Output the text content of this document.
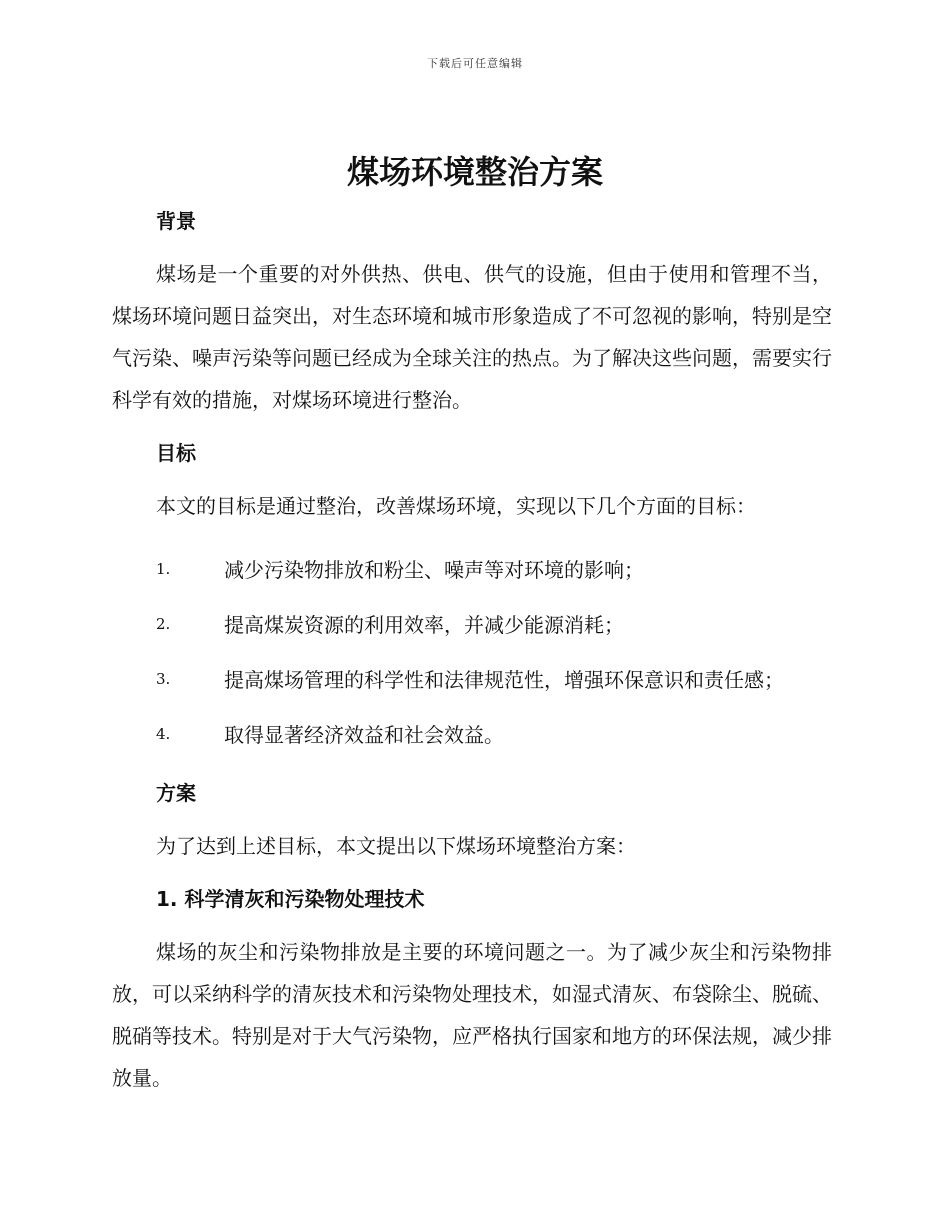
下载后可任意编辑
煤场环境整治方案
背景

煤场是一个重要的对外供热、供电、供气的设施，但由于使用和管理不当，煤场环境问题日益突出，对生态环境和城市形象造成了不可忽视的影响，特别是空气污染、噪声污染等问题已经成为全球关注的热点。为了解决这些问题，需要实行科学有效的措施，对煤场环境进行整治。

目标

本文的目标是通过整治，改善煤场环境，实现以下几个方面的目标：

1.	减少污染物排放和粉尘、噪声等对环境的影响；
2.	提高煤炭资源的利用效率，并减少能源消耗；
3.	提高煤场管理的科学性和法律规范性，增强环保意识和责任感；
4.	取得显著经济效益和社会效益。
方案

为了达到上述目标，本文提出以下煤场环境整治方案：

1. 科学清灰和污染物处理技术

煤场的灰尘和污染物排放是主要的环境问题之一。为了减少灰尘和污染物排放，可以采纳科学的清灰技术和污染物处理技术，如湿式清灰、布袋除尘、脱硫、脱硝等技术。特别是对于大气污染物，应严格执行国家和地方的环保法规，减少排放量。
